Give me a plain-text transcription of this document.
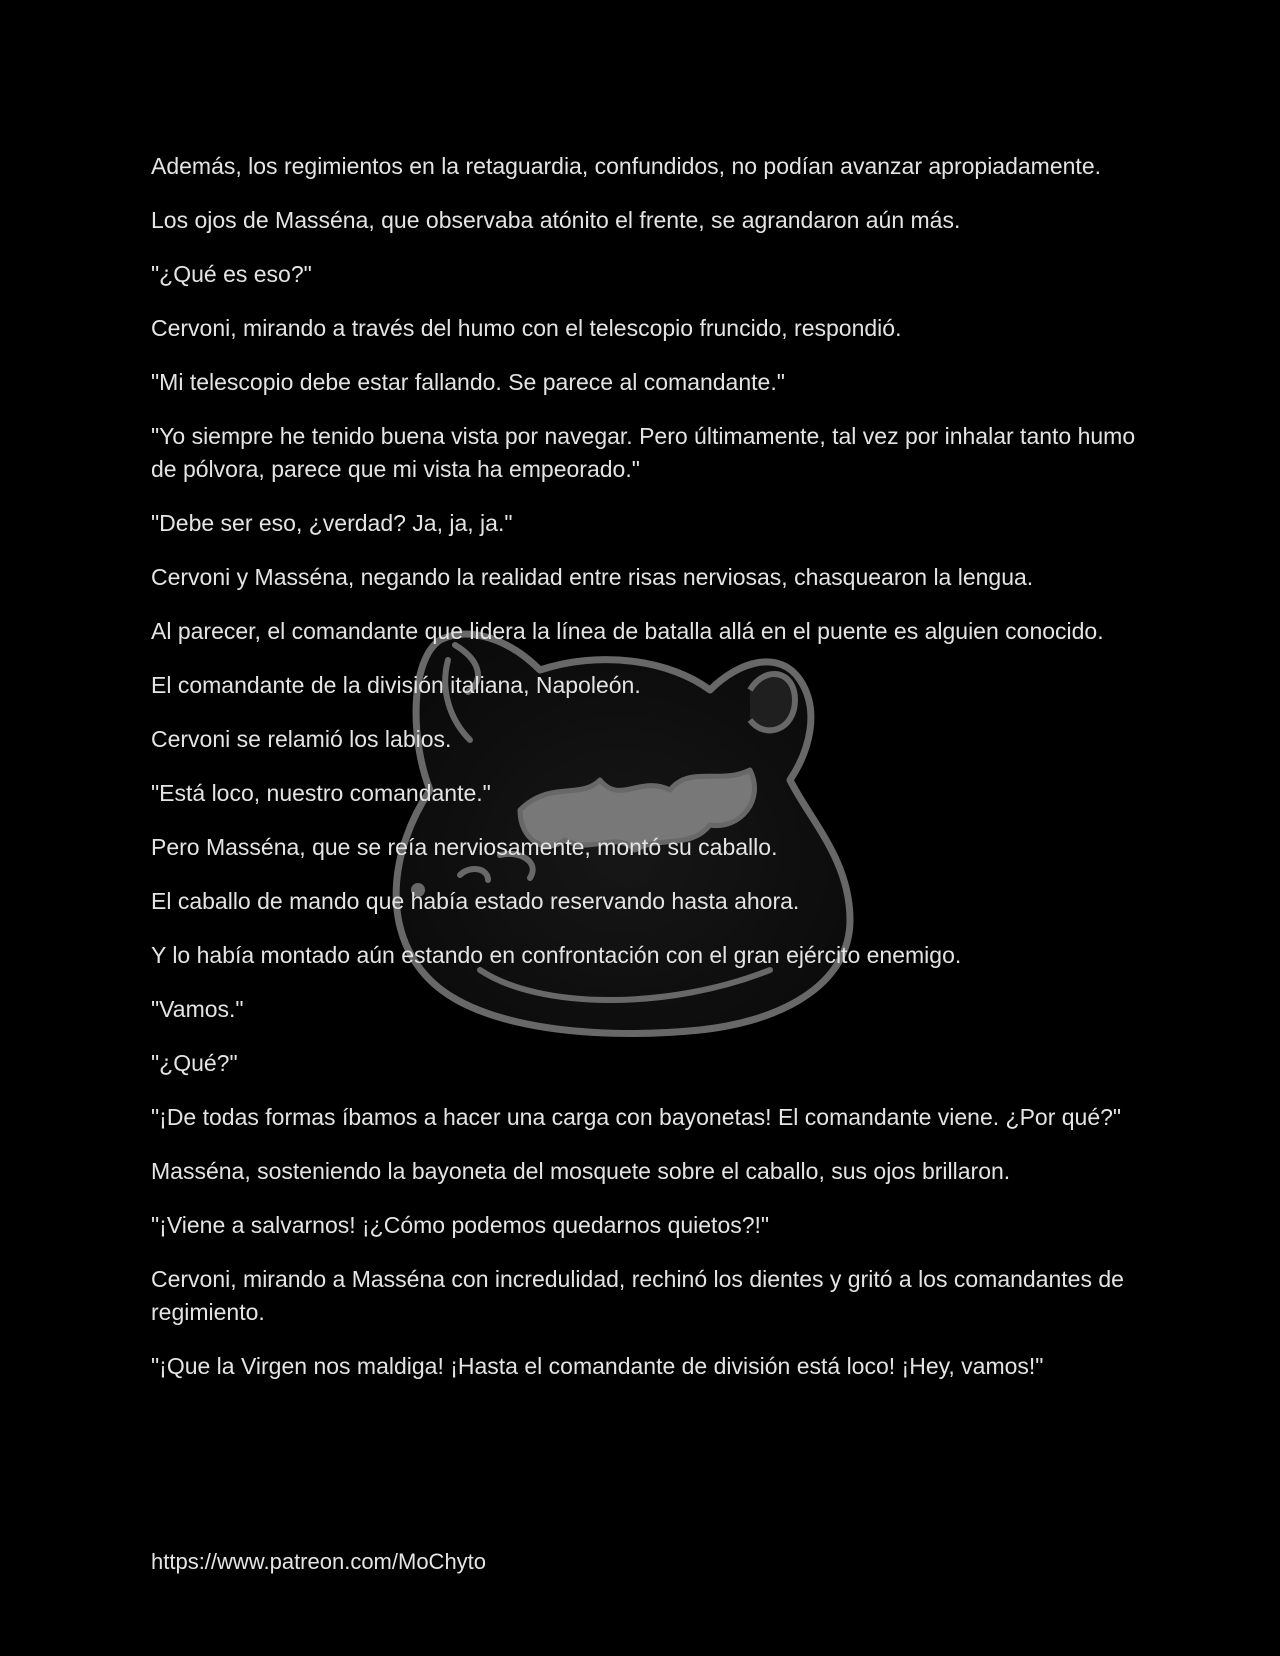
Además, los regimientos en la retaguardia, confundidos, no podían avanzar apropiadamente.

Los ojos de Masséna, que observaba atónito el frente, se agrandaron aún más.

"¿Qué es eso?"

Cervoni, mirando a través del humo con el telescopio fruncido, respondió.

"Mi telescopio debe estar fallando. Se parece al comandante."

"Yo siempre he tenido buena vista por navegar. Pero últimamente, tal vez por inhalar tanto humo de pólvora, parece que mi vista ha empeorado."

"Debe ser eso, ¿verdad? Ja, ja, ja."

Cervoni y Masséna, negando la realidad entre risas nerviosas, chasquearon la lengua.

Al parecer, el comandante que lidera la línea de batalla allá en el puente es alguien conocido.

El comandante de la división italiana, Napoleón.

Cervoni se relamió los labios.

"Está loco, nuestro comandante."

Pero Masséna, que se reía nerviosamente, montó su caballo.

El caballo de mando que había estado reservando hasta ahora.

Y lo había montado aún estando en confrontación con el gran ejército enemigo.

"Vamos."

"¿Qué?"

"¡De todas formas íbamos a hacer una carga con bayonetas! El comandante viene. ¿Por qué?"

Masséna, sosteniendo la bayoneta del mosquete sobre el caballo, sus ojos brillaron.

"¡Viene a salvarnos! ¡¿Cómo podemos quedarnos quietos?!"

Cervoni, mirando a Masséna con incredulidad, rechinó los dientes y gritó a los comandantes de regimiento.

"¡Que la Virgen nos maldiga! ¡Hasta el comandante de división está loco! ¡Hey, vamos!"

https://www.patreon.com/MoChyto
